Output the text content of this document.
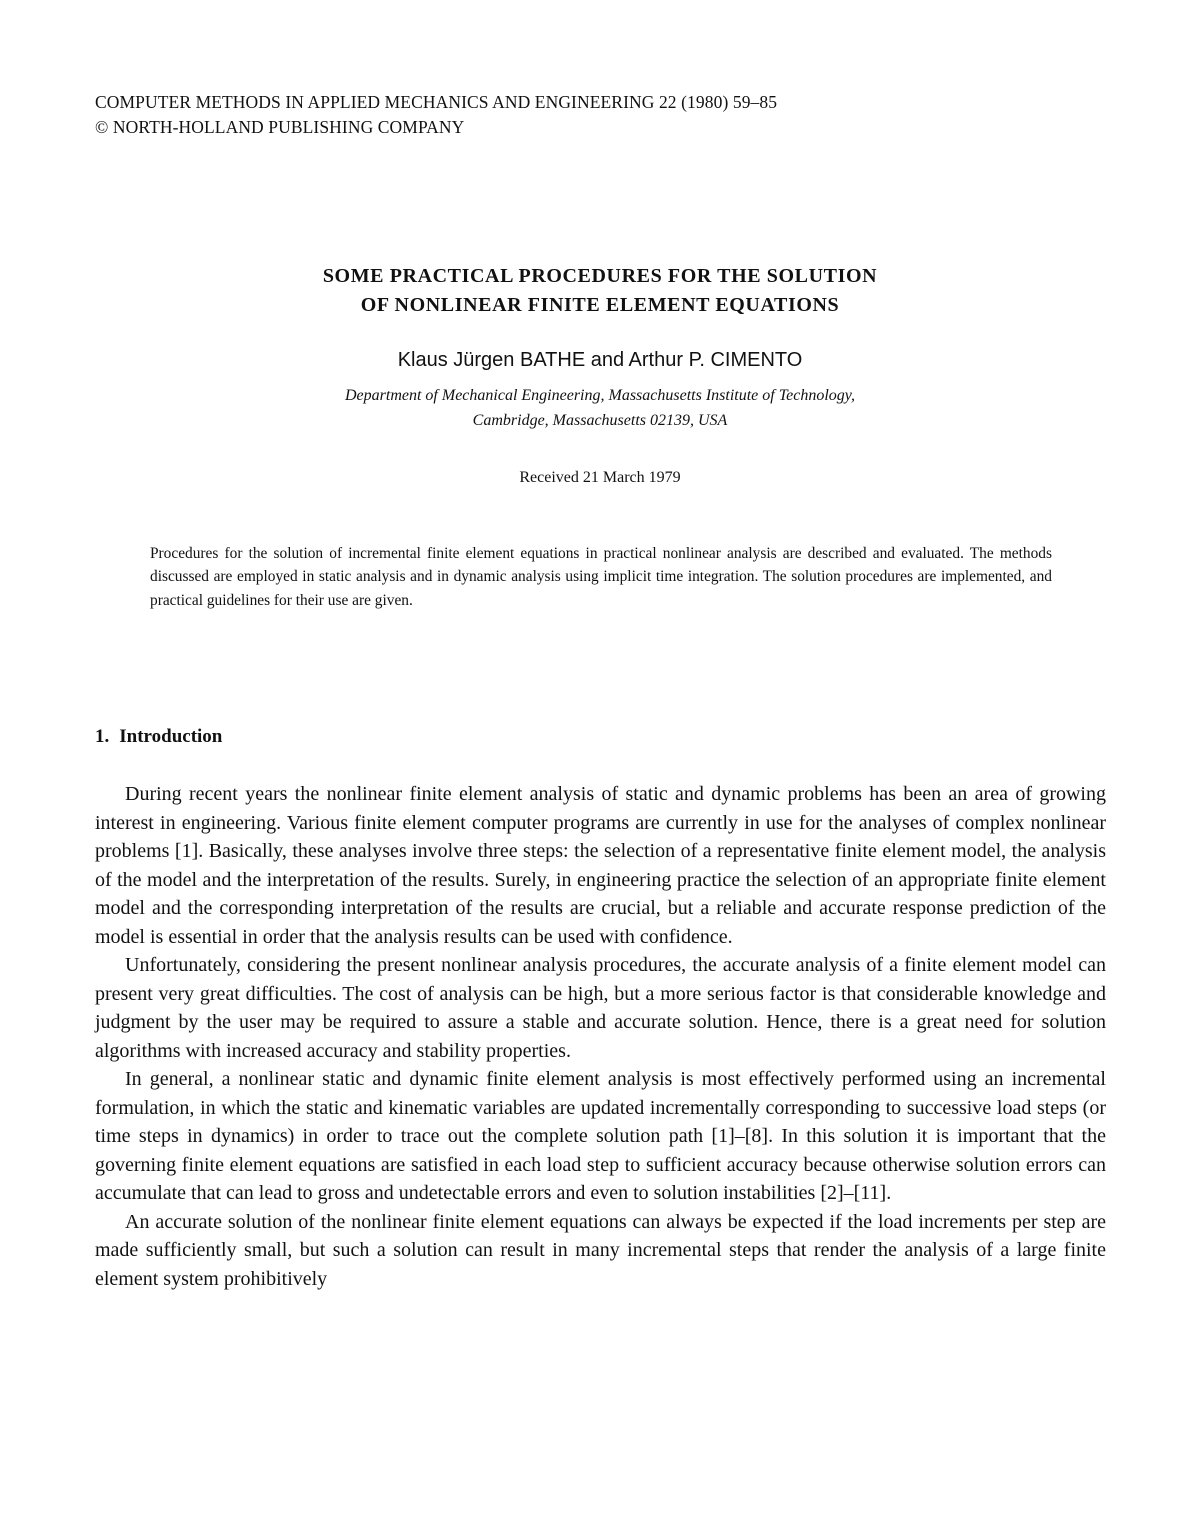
COMPUTER METHODS IN APPLIED MECHANICS AND ENGINEERING 22 (1980) 59–85
© NORTH-HOLLAND PUBLISHING COMPANY
SOME PRACTICAL PROCEDURES FOR THE SOLUTION
OF NONLINEAR FINITE ELEMENT EQUATIONS
Klaus Jürgen BATHE and Arthur P. CIMENTO
Department of Mechanical Engineering, Massachusetts Institute of Technology,
Cambridge, Massachusetts 02139, USA
Received 21 March 1979
Procedures for the solution of incremental finite element equations in practical nonlinear analysis are described and evaluated. The methods discussed are employed in static analysis and in dynamic analysis using implicit time integration. The solution procedures are implemented, and practical guidelines for their use are given.
1. Introduction

During recent years the nonlinear finite element analysis of static and dynamic problems has been an area of growing interest in engineering. Various finite element computer programs are currently in use for the analyses of complex nonlinear problems [1]. Basically, these analyses involve three steps: the selection of a representative finite element model, the analysis of the model and the interpretation of the results. Surely, in engineering practice the selection of an appropriate finite element model and the corresponding interpretation of the results are crucial, but a reliable and accurate response prediction of the model is essential in order that the analysis results can be used with confidence.

Unfortunately, considering the present nonlinear analysis procedures, the accurate analysis of a finite element model can present very great difficulties. The cost of analysis can be high, but a more serious factor is that considerable knowledge and judgment by the user may be required to assure a stable and accurate solution. Hence, there is a great need for solution algorithms with increased accuracy and stability properties.

In general, a nonlinear static and dynamic finite element analysis is most effectively performed using an incremental formulation, in which the static and kinematic variables are updated incrementally corresponding to successive load steps (or time steps in dynamics) in order to trace out the complete solution path [1]–[8]. In this solution it is important that the governing finite element equations are satisfied in each load step to sufficient accuracy because otherwise solution errors can accumulate that can lead to gross and undetectable errors and even to solution instabilities [2]–[11].

An accurate solution of the nonlinear finite element equations can always be expected if the load increments per step are made sufficiently small, but such a solution can result in many incremental steps that render the analysis of a large finite element system prohibitively
